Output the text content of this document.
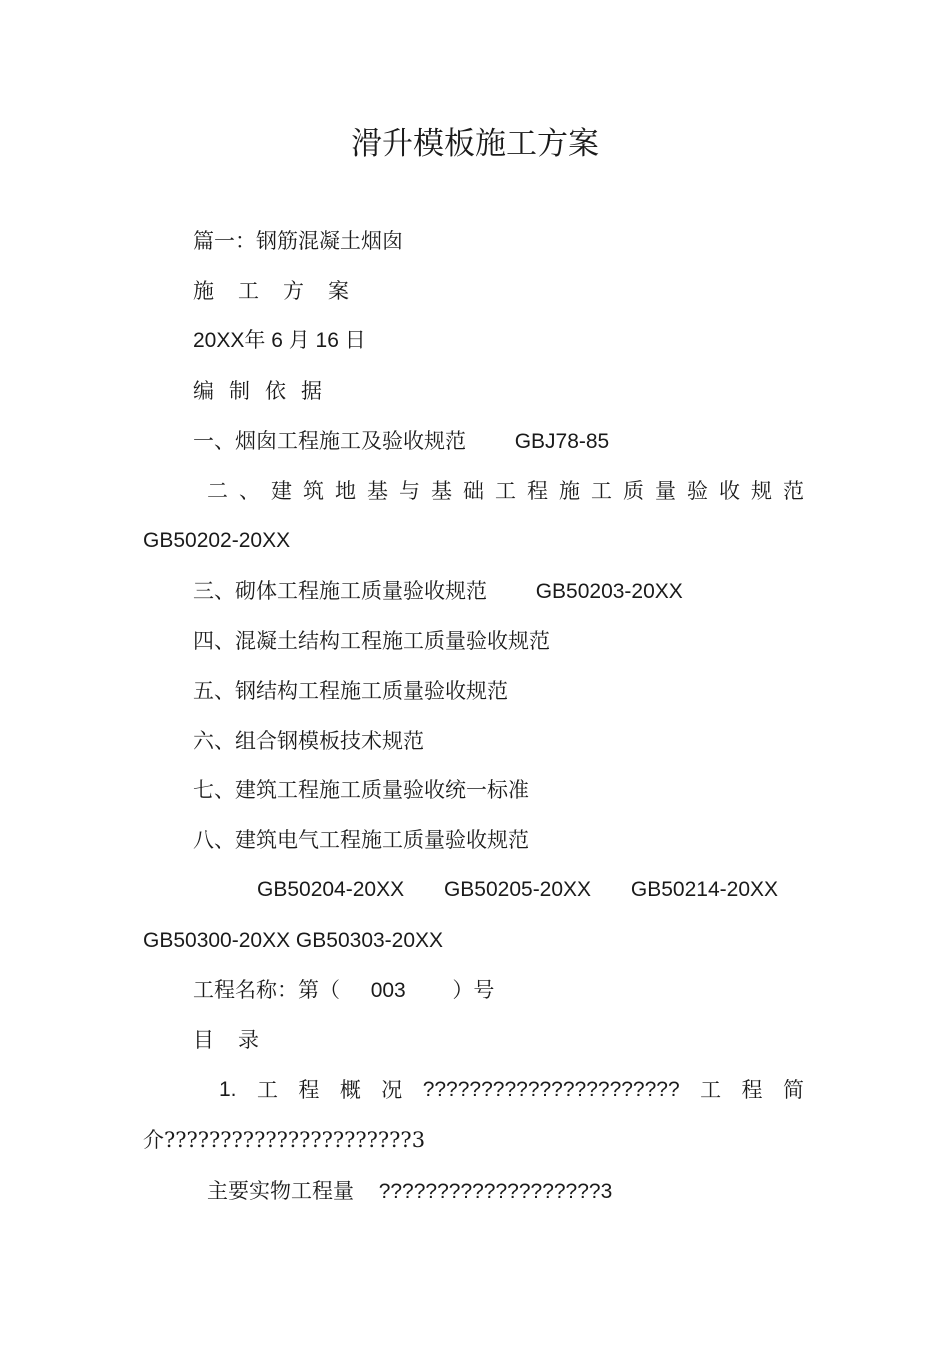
滑升模板施工方案
篇一：钢筋混凝土烟囱
施工方案
20XX年 6 月 16 日
编制依据
一、烟囱工程施工及验收规范 GBJ78-85
二 、 建 筑 地 基 与 基 础 工 程 施 工 质 量 验 收 规 范
GB50202-20XX
三、砌体工程施工质量验收规范 GB50203-20XX
四、混凝土结构工程施工质量验收规范
五、钢结构工程施工质量验收规范
六、组合钢模板技术规范
七、建筑工程施工质量验收统一标准
八、建筑电气工程施工质量验收规范
GB50204-20XX GB50205-20XX GB50214-20XX
GB50300-20XX GB50303-20XX
工程名称：第（ 003 ）号
目录
1. 工 程 概 况 ?????????????????????? 工 程 简
介??????????????????????3
主要实物工程量 ???????????????????3
